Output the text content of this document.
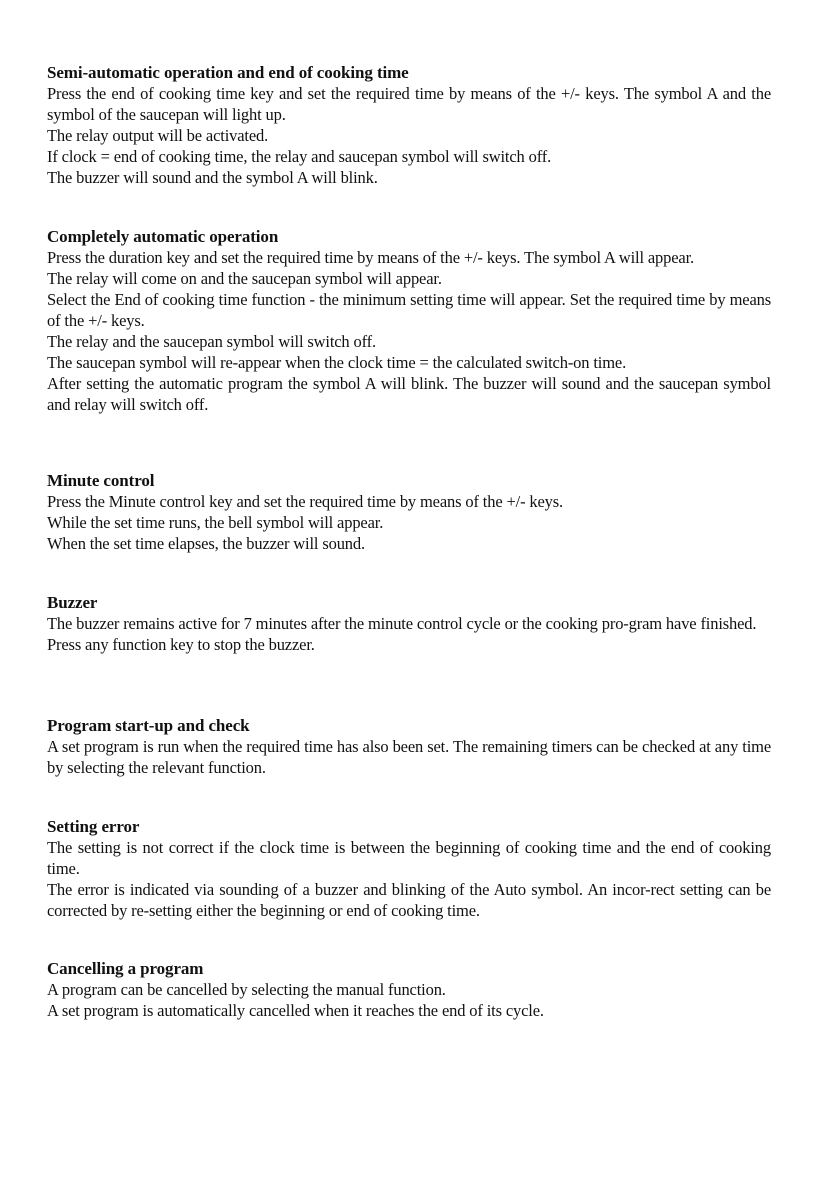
Semi-automatic operation and end of cooking time

Press the end of cooking time key and set the required time by means of the +/- keys. The symbol A and the symbol of the saucepan will light up.

The relay output will be activated.

If clock = end of cooking time, the relay and saucepan symbol will switch off.

The buzzer will sound and the symbol A will blink.

Completely automatic operation

Press the duration key and set the required time by means of the +/- keys. The symbol A will appear.

The relay will come on and the saucepan symbol will appear.

Select the End of cooking time function - the minimum setting time will appear. Set the required time by means of the +/- keys.

The relay and the saucepan symbol will switch off.

The saucepan symbol will re-appear when the clock time = the calculated switch-on time.

After setting the automatic program the symbol A will blink. The buzzer will sound and the saucepan symbol and relay will switch off.

Minute control

Press the Minute control key and set the required time by means of the +/- keys.

While the set time runs, the bell symbol will appear.

When the set time elapses, the buzzer will sound.

Buzzer

The buzzer remains active for 7 minutes after the minute control cycle or the cooking pro-gram have finished.

Press any function key to stop the buzzer.

Program start-up and check

A set program is run when the required time has also been set. The remaining timers can be checked at any time by selecting the relevant function.

Setting error

The setting is not correct if the clock time is between the beginning of cooking time and the end of cooking time.

The error is indicated via sounding of a buzzer and blinking of the Auto symbol. An incor-rect setting can be corrected by re-setting either the beginning or end of cooking time.

Cancelling a program

A program can be cancelled by selecting the manual function.

A set program is automatically cancelled when it reaches the end of its cycle.
